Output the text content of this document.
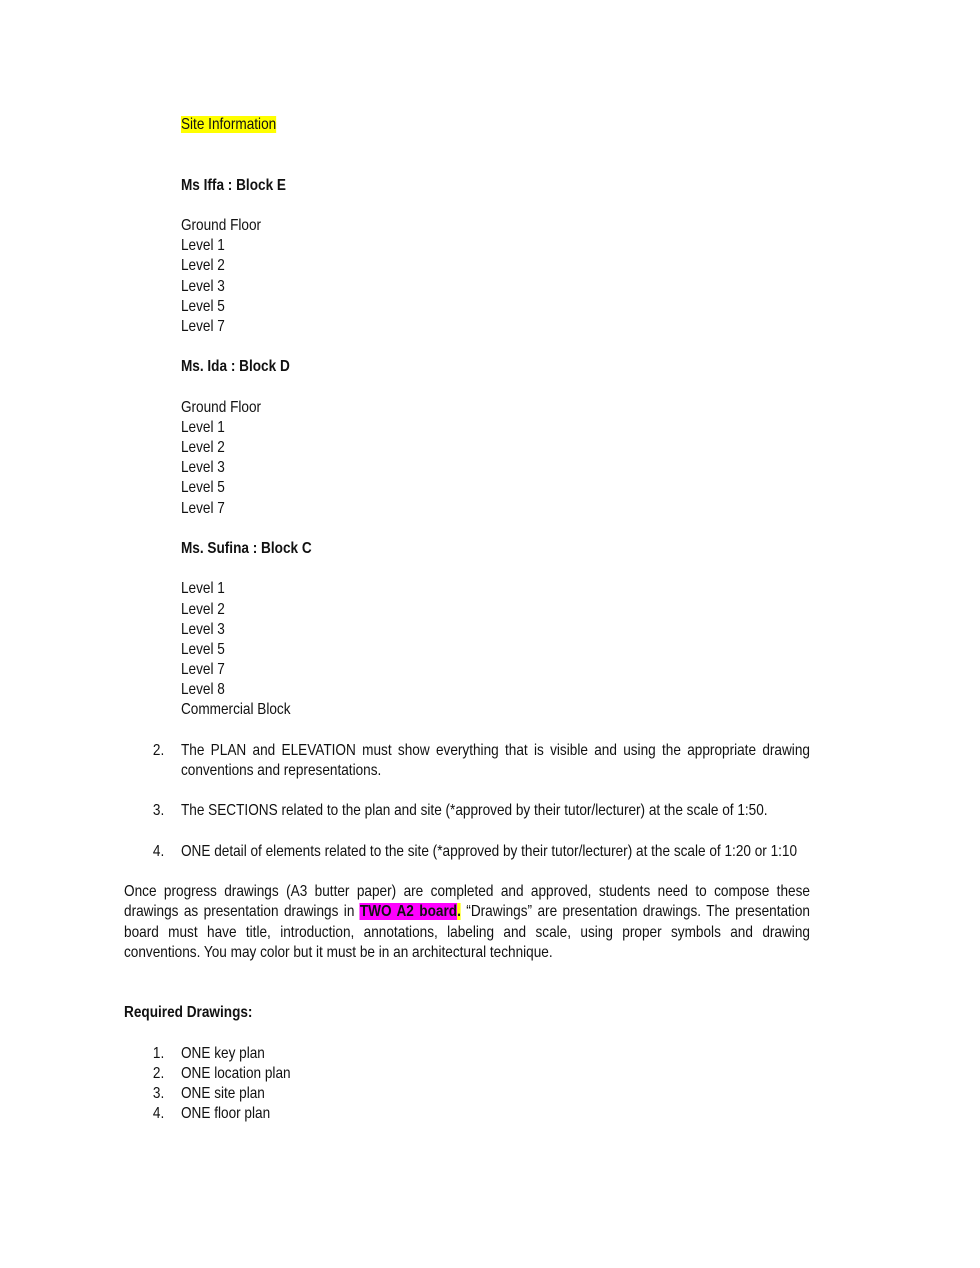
Site Information
Ms Iffa : Block E
Ground Floor
Level 1
Level 2
Level 3
Level 5
Level 7
Ms. Ida : Block D
Ground Floor
Level 1
Level 2
Level 3
Level 5
Level 7
Ms. Sufina : Block C
Level 1
Level 2
Level 3
Level 5
Level 7
Level 8
Commercial Block
2.	The PLAN and ELEVATION must show everything that is visible and using the appropriate drawing conventions and representations.
3.	The SECTIONS related to the plan and site (*approved by their tutor/lecturer) at the scale of 1:50.
4.	ONE detail of elements related to the site (*approved by their tutor/lecturer) at the scale of 1:20 or 1:10
Once progress drawings (A3 butter paper) are completed and approved, students need to compose these drawings as presentation drawings in TWO A2 board. “Drawings” are presentation drawings. The presentation board must have title, introduction, annotations, labeling and scale, using proper symbols and drawing conventions. You may color but it must be in an architectural technique.
Required Drawings:
1.	ONE key plan
2.	ONE location plan
3.	ONE site plan
4.	ONE floor plan
